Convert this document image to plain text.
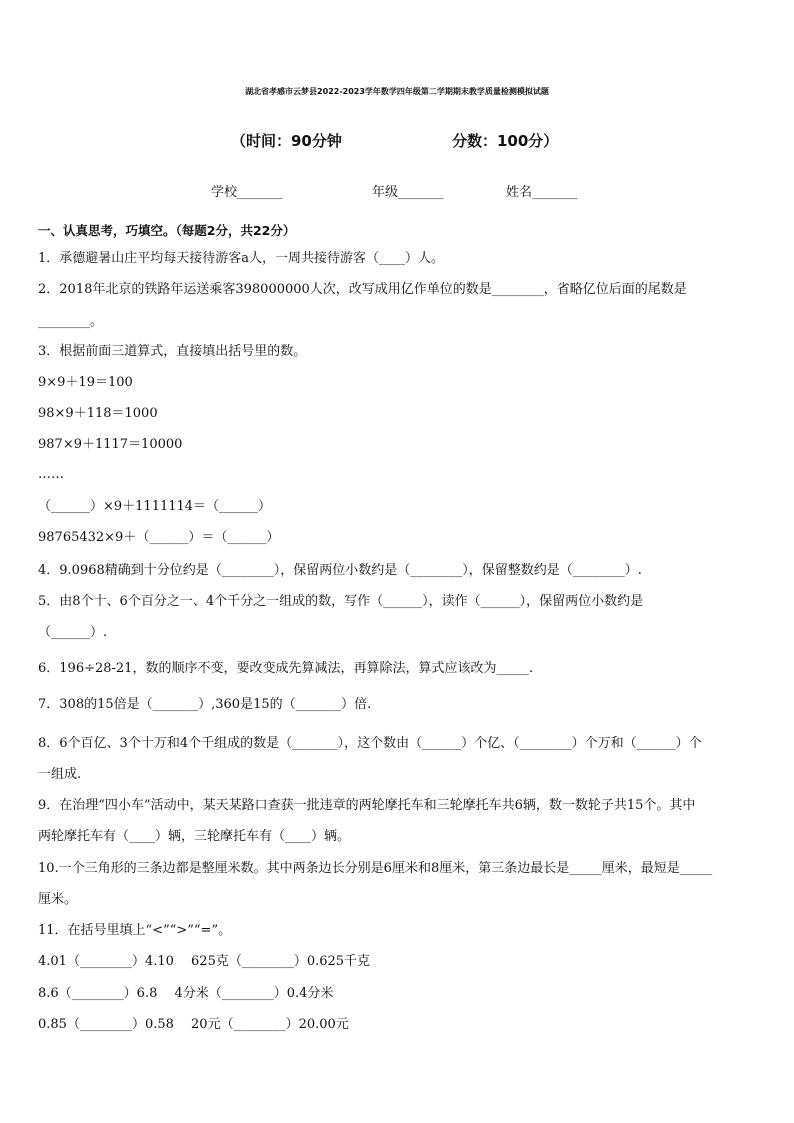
湖北省孝感市云梦县2022-2023学年数学四年级第二学期期末教学质量检测模拟试题
（时间：90分钟	分数：100分）
学校_______	年级_______	姓名_______
一、认真思考，巧填空。（每题2分，共22分）
1．承德避暑山庄平均每天接待游客a人，一周共接待游客（____）人。
2．2018年北京的铁路年运送乘客398000000人次，改写成用亿作单位的数是________，省略亿位后面的尾数是
________。
3．根据前面三道算式，直接填出括号里的数。
9×9＋19＝100
98×9＋118＝1000
987×9＋1117＝10000
……
（______）×9＋1111114＝（______）
98765432×9＋（______）＝（______）
4．9.0968精确到十分位约是（________），保留两位小数约是（________），保留整数约是（________）.
5．由8个十、6个百分之一、4个千分之一组成的数，写作（______），读作（______），保留两位小数约是
（______）.
6．196÷28-21，数的顺序不变，要改变成先算减法，再算除法，算式应该改为_____.
7．308的15倍是（_______）,360是15的（_______）倍.
8．6个百亿、3个十万和4个千组成的数是（_______），这个数由（______）个亿、（________）个万和（______）个
一组成.
9．在治理“四小车”活动中，某天某路口查获一批违章的两轮摩托车和三轮摩托车共6辆，数一数轮子共15个。其中
两轮摩托车有（____）辆，三轮摩托车有（____）辆。
10.一个三角形的三条边都是整厘米数。其中两条边长分别是6厘米和8厘米，第三条边最长是_____厘米，最短是_____
厘米。
11．在括号里填上“<”“>”“=”。
4.01（________）4.10　 625克（________）0.625千克
8.6（________）6.8　 4分米（________）0.4分米
0.85（________）0.58　 20元（________）20.00元
